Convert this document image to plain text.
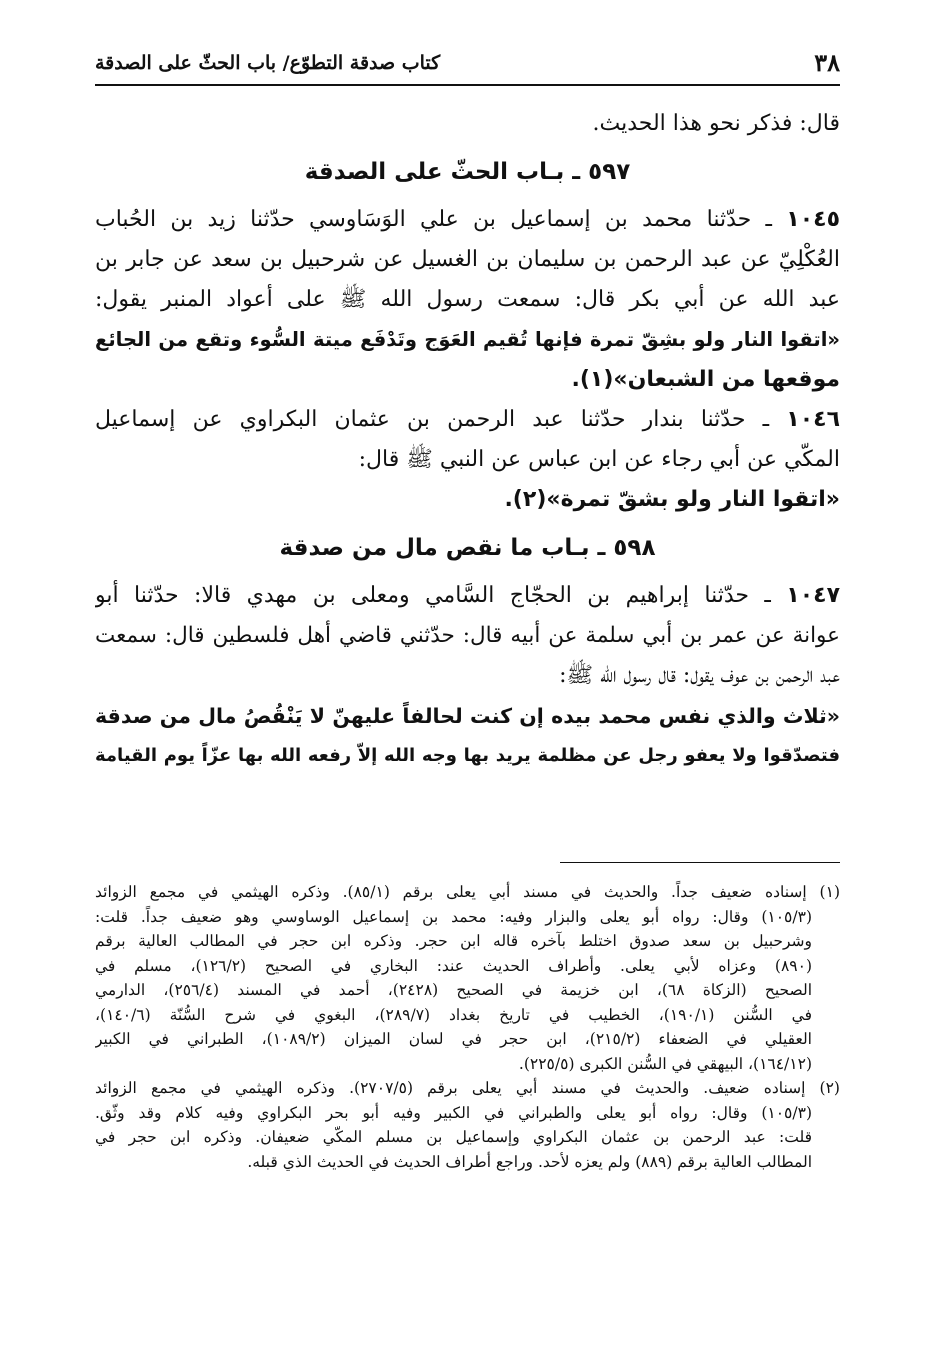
٣٨
كتاب صدقة التطوّع/ باب الحثّ على الصدقة
قال: فذكر نحو هذا الحديث.
٥٩٧ ـ بـاب الحثّ على الصدقة
١٠٤٥ ـ حدّثنا محمد بن إسماعيل بن علي الوَسَاوسي حدّثنا زيد بن الحُباب
العُكْلِيّ عن عبد الرحمن بن سليمان بن الغسيل عن شرحبيل بن سعد عن جابر بن
عبد الله عن أبي بكر قال: سمعت رسول الله ﷺ على أعواد المنبر يقول:
«اتقوا النار ولو بشِقّ تمرة فإنها تُقيم العَوَج وتَدْفَع ميتة السُّوء وتقع من الجائع
موقعها من الشبعان»(١).
١٠٤٦ ـ حدّثنا بندار حدّثنا عبد الرحمن بن عثمان البكراوي عن إسماعيل
المكّي عن أبي رجاء عن ابن عباس عن النبي ﷺ قال:
«اتقوا النار ولو بشقّ تمرة»(٢).
٥٩٨ ـ بـاب ما نقص مال من صدقة
١٠٤٧ ـ حدّثنا إبراهيم بن الحجّاج السَّامي ومعلى بن مهدي قالا: حدّثنا أبو
عوانة عن عمر بن أبي سلمة عن أبيه قال: حدّثني قاضي أهل فلسطين قال: سمعت
عبد الرحمن بن عوف يقول: قال رسول الله ﷺ:
«ثلاث والذي نفس محمد بيده إن كنت لحالفاً عليهنّ لا يَنْقُصُ مال من صدقة
فتصدّقوا ولا يعفو رجل عن مظلمة يريد بها وجه الله إلاّ رفعه الله بها عزّاً يوم القيامة
(١) إسناده ضعيف جداً. والحديث في مسند أبي يعلى برقم (٨٥/١). وذكره الهيثمي في مجمع الزوائد
(١٠٥/٣) وقال: رواه أبو يعلى والبزار وفيه: محمد بن إسماعيل الوساوسي وهو ضعيف جداً. قلت:
وشرحبيل بن سعد صدوق اختلط بآخره قاله ابن حجر. وذكره ابن حجر في المطالب العالية برقم
(٨٩٠) وعزاه لأبي يعلى. وأطراف الحديث عند: البخاري في الصحيح (١٢٦/٢)، مسلم في
الصحيح (الزكاة ٦٨)، ابن خزيمة في الصحيح (٢٤٢٨)، أحمد في المسند (٢٥٦/٤)، الدارمي
في السُّنن (١٩٠/١)، الخطيب في تاريخ بغداد (٢٨٩/٧)، البغوي في شرح السُّنّة (١٤٠/٦)،
العقيلي في الضعفاء (٢١٥/٢)، ابن حجر في لسان الميزان (١٠٨٩/٢)، الطبراني في الكبير
(١٦٤/١٢)، البيهقي في السُّنن الكبرى (٢٢٥/٥).
(٢) إسناده ضعيف. والحديث في مسند أبي يعلى برقم (٢٧٠٧/٥). وذكره الهيثمي في مجمع الزوائد
(١٠٥/٣) وقال: رواه أبو يعلى والطبراني في الكبير وفيه أبو بحر البكراوي وفيه كلام وقد وثّق.
قلت: عبد الرحمن بن عثمان البكراوي وإسماعيل بن مسلم المكّي ضعيفان. وذكره ابن حجر في
المطالب العالية برقم (٨٨٩) ولم يعزه لأحد. وراجع أطراف الحديث في الحديث الذي قبله.
